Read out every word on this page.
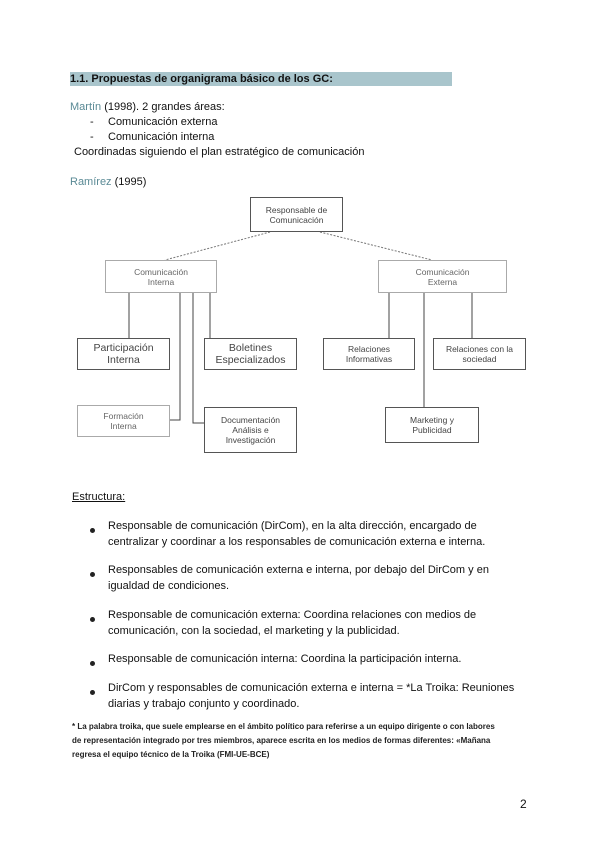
1.1. Propuestas de organigrama básico de los GC:
Martín (1998). 2 grandes áreas:
- Comunicación externa
- Comunicación interna
Coordinadas siguiendo el plan estratégico de comunicación
Ramírez (1995)
Responsable de
Comunicación
Comunicación
Interna
Comunicación
Externa
Participación
Interna
Boletines
Especializados
Relaciones
Informativas
Relaciones con la
sociedad
Formación
Interna
Documentación
Análisis e
Investigación
Marketing y
Publicidad
Estructura:
Responsable de comunicación (DirCom), en la alta dirección, encargado de
centralizar y coordinar a los responsables de comunicación externa e interna.
Responsables de comunicación externa e interna, por debajo del DirCom y en
igualdad de condiciones.
Responsable de comunicación externa: Coordina relaciones con medios de
comunicación, con la sociedad, el marketing y la publicidad.
Responsable de comunicación interna: Coordina la participación interna.
DirCom y responsables de comunicación externa e interna = *La Troika: Reuniones
diarias y trabajo conjunto y coordinado.
* La palabra troika, que suele emplearse en el ámbito político para referirse a un equipo dirigente o con labores
de representación integrado por tres miembros, aparece escrita en los medios de formas diferentes: «Mañana
regresa el equipo técnico de la Troika (FMI-UE-BCE)
2
